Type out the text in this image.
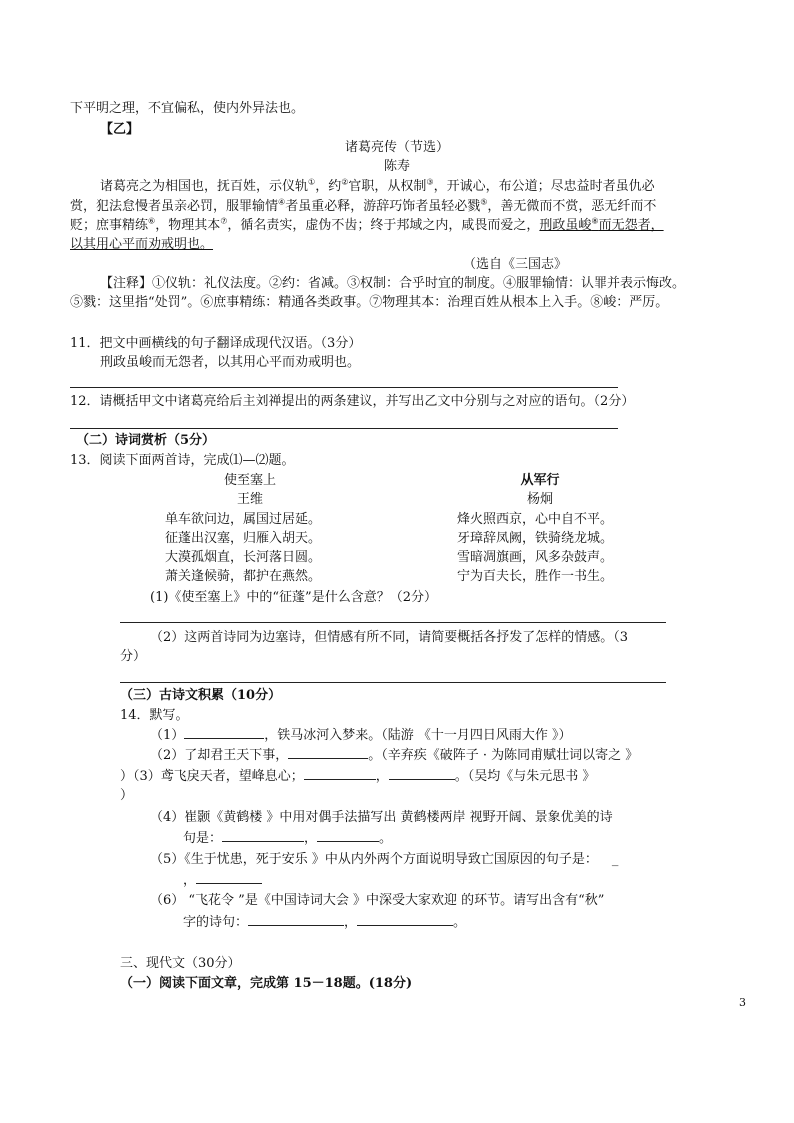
下平明之理，不宜偏私，使内外异法也。
【乙】
诸葛亮传（节选）
陈寿
诸葛亮之为相国也，抚百姓，示仪轨①，约②官职，从权制③，开诚心，布公道；尽忠益时者虽仇必
赏，犯法怠慢者虽亲必罚，服罪输情④者虽重必释，游辞巧饰者虽轻必戮⑤，善无微而不赏，恶无纤而不
贬；庶事精练⑥，物理其本⑦，循名责实，虚伪不齿；终于邦域之内，咸畏而爱之，刑政虽峻⑧而无怨者，
以其用心平而劝戒明也。
（选自《三国志》
【注释】①仪轨：礼仪法度。②约：省减。③权制：合乎时宜的制度。④服罪输情：认罪并表示悔改。
⑤戮：这里指“处罚”。⑥庶事精练：精通各类政事。⑦物理其本：治理百姓从根本上入手。⑧峻：严厉。
11．把文中画横线的句子翻译成现代汉语。（3分）
刑政虽峻而无怨者，以其用心平而劝戒明也。
12．请概括甲文中诸葛亮给后主刘禅提出的两条建议，并写出乙文中分别与之对应的语句。（2分）
（二）诗词赏析（5分）
13．阅读下面两首诗，完成⑴—⑵题。
使至塞上
王维
单车欲问边，属国过居延。
征蓬出汉塞，归雁入胡天。
大漠孤烟直，长河落日圆。
萧关逢候骑，都护在燕然。
从军行
杨炯
烽火照西京，心中自不平。
牙璋辞凤阙，铁骑绕龙城。
雪暗凋旗画，风多杂鼓声。
宁为百夫长，胜作一书生。
(1)《使至塞上》中的“征蓬”是什么含意？（2分）
（2）这两首诗同为边塞诗，但情感有所不同，请简要概括各抒发了怎样的情感。（3
分）
（三）古诗文积累（10分）
14．默写。
（1）	，铁马冰河入梦来。（陆游 《十一月四日风雨大作 》）
（2）了却君王天下事，	。（辛弃疾《破阵子 · 为陈同甫赋壮词以寄之 》
）（3）鸢飞戾天者，望峰息心；	，	。（吴均《与朱元思书 》
）
（4）崔颢《黄鹤楼 》中用对偶手法描写出 黄鹤楼两岸 视野开阔、景象优美的诗
句是：	，	。
（5）《生于忧患，死于安乐 》中从内外两个方面说明导致亡国原因的句子是： _
，
（6） “飞花令 ”是《中国诗词大会 》中深受大家欢迎 的环节。请写出含有“秋”
字的诗句：	，	。
三、现代文（30分）
（一）阅读下面文章，完成第 15－18题。(18分)
3
